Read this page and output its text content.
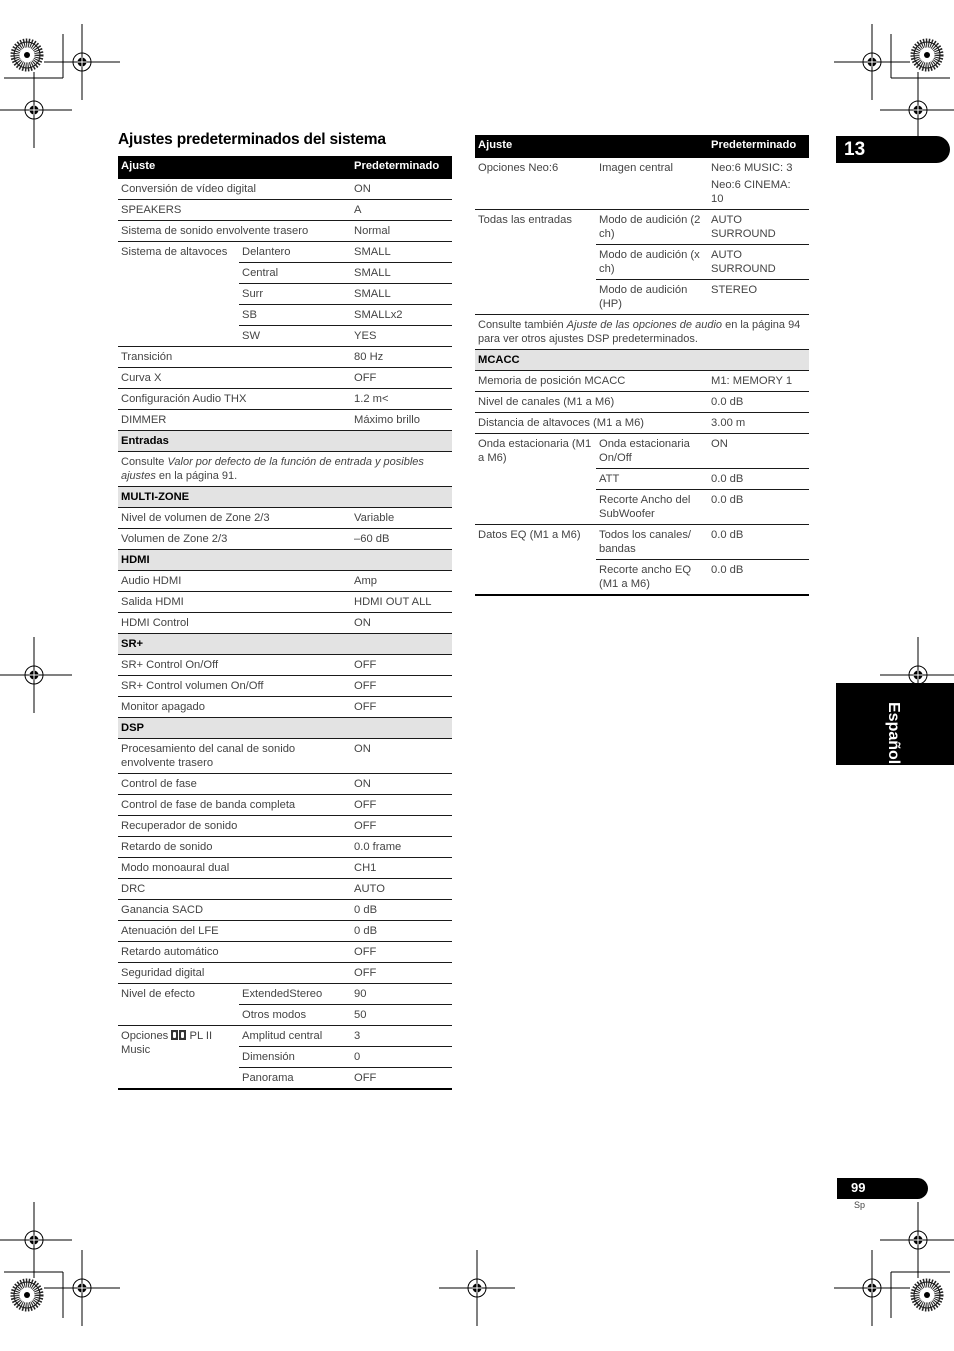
Ajustes predeterminados del sistema	13
Español
99
Sp
Ajuste		Predeterminado
Conversión de vídeo digital		ON
SPEAKERS		A
Sistema de sonido envolvente trasero		Normal
Sistema de altavoces	Delantero	SMALL
	Central	SMALL
	Surr	SMALL
	SB	SMALLx2
	SW	YES
Transición		80 Hz
Curva X		OFF
Configuración Audio THX		1.2 m<
DIMMER		Máximo brillo
Entradas		
Consulte Valor por defecto de la función de entrada y posibles ajustes en la página 91.		
MULTI-ZONE		
Nivel de volumen de Zone 2/3		Variable
Volumen de Zone 2/3		–60 dB
HDMI		
Audio HDMI		Amp
Salida HDMI		HDMI OUT ALL
HDMI Control		ON
SR+		
SR+ Control On/Off		OFF
SR+ Control volumen On/Off		OFF
Monitor apagado		OFF
DSP		
Procesamiento del canal de sonido envolvente trasero		ON
Control de fase		ON
Control de fase de banda completa		OFF
Recuperador de sonido		OFF
Retardo de sonido		0.0 frame
Modo monoaural dual		CH1
DRC		AUTO
Ganancia SACD		0 dB
Atenuación del LFE		0 dB
Retardo automático		OFF
Seguridad digital		OFF
Nivel de efecto	ExtendedStereo	90
	Otros modos	50
Opciones  PL II Music	Amplitud central	3
	Dimensión	0
	Panorama	OFF
Ajuste		Predeterminado
Opciones Neo:6	Imagen central	Neo:6 MUSIC: 3
Neo:6 CINEMA: 10

Todas las entradas	Modo de audición (2 ch)	AUTO SURROUND
	Modo de audición (x ch)	AUTO SURROUND
	Modo de audición (HP)	STEREO
Consulte también Ajuste de las opciones de audio en la página 94 para ver otros ajustes DSP predeterminados.		
MCACC		
Memoria de posición MCACC		M1: MEMORY 1
Nivel de canales (M1 a M6)		0.0 dB
Distancia de altavoces (M1 a M6)		3.00 m
Onda estacionaria (M1 a M6)	Onda estacionaria On/Off	ON
	ATT	0.0 dB
	Recorte Ancho del SubWoofer	0.0 dB
Datos EQ (M1 a M6)	Todos los canales/ bandas	0.0 dB
	Recorte ancho EQ (M1 a M6)	0.0 dB
